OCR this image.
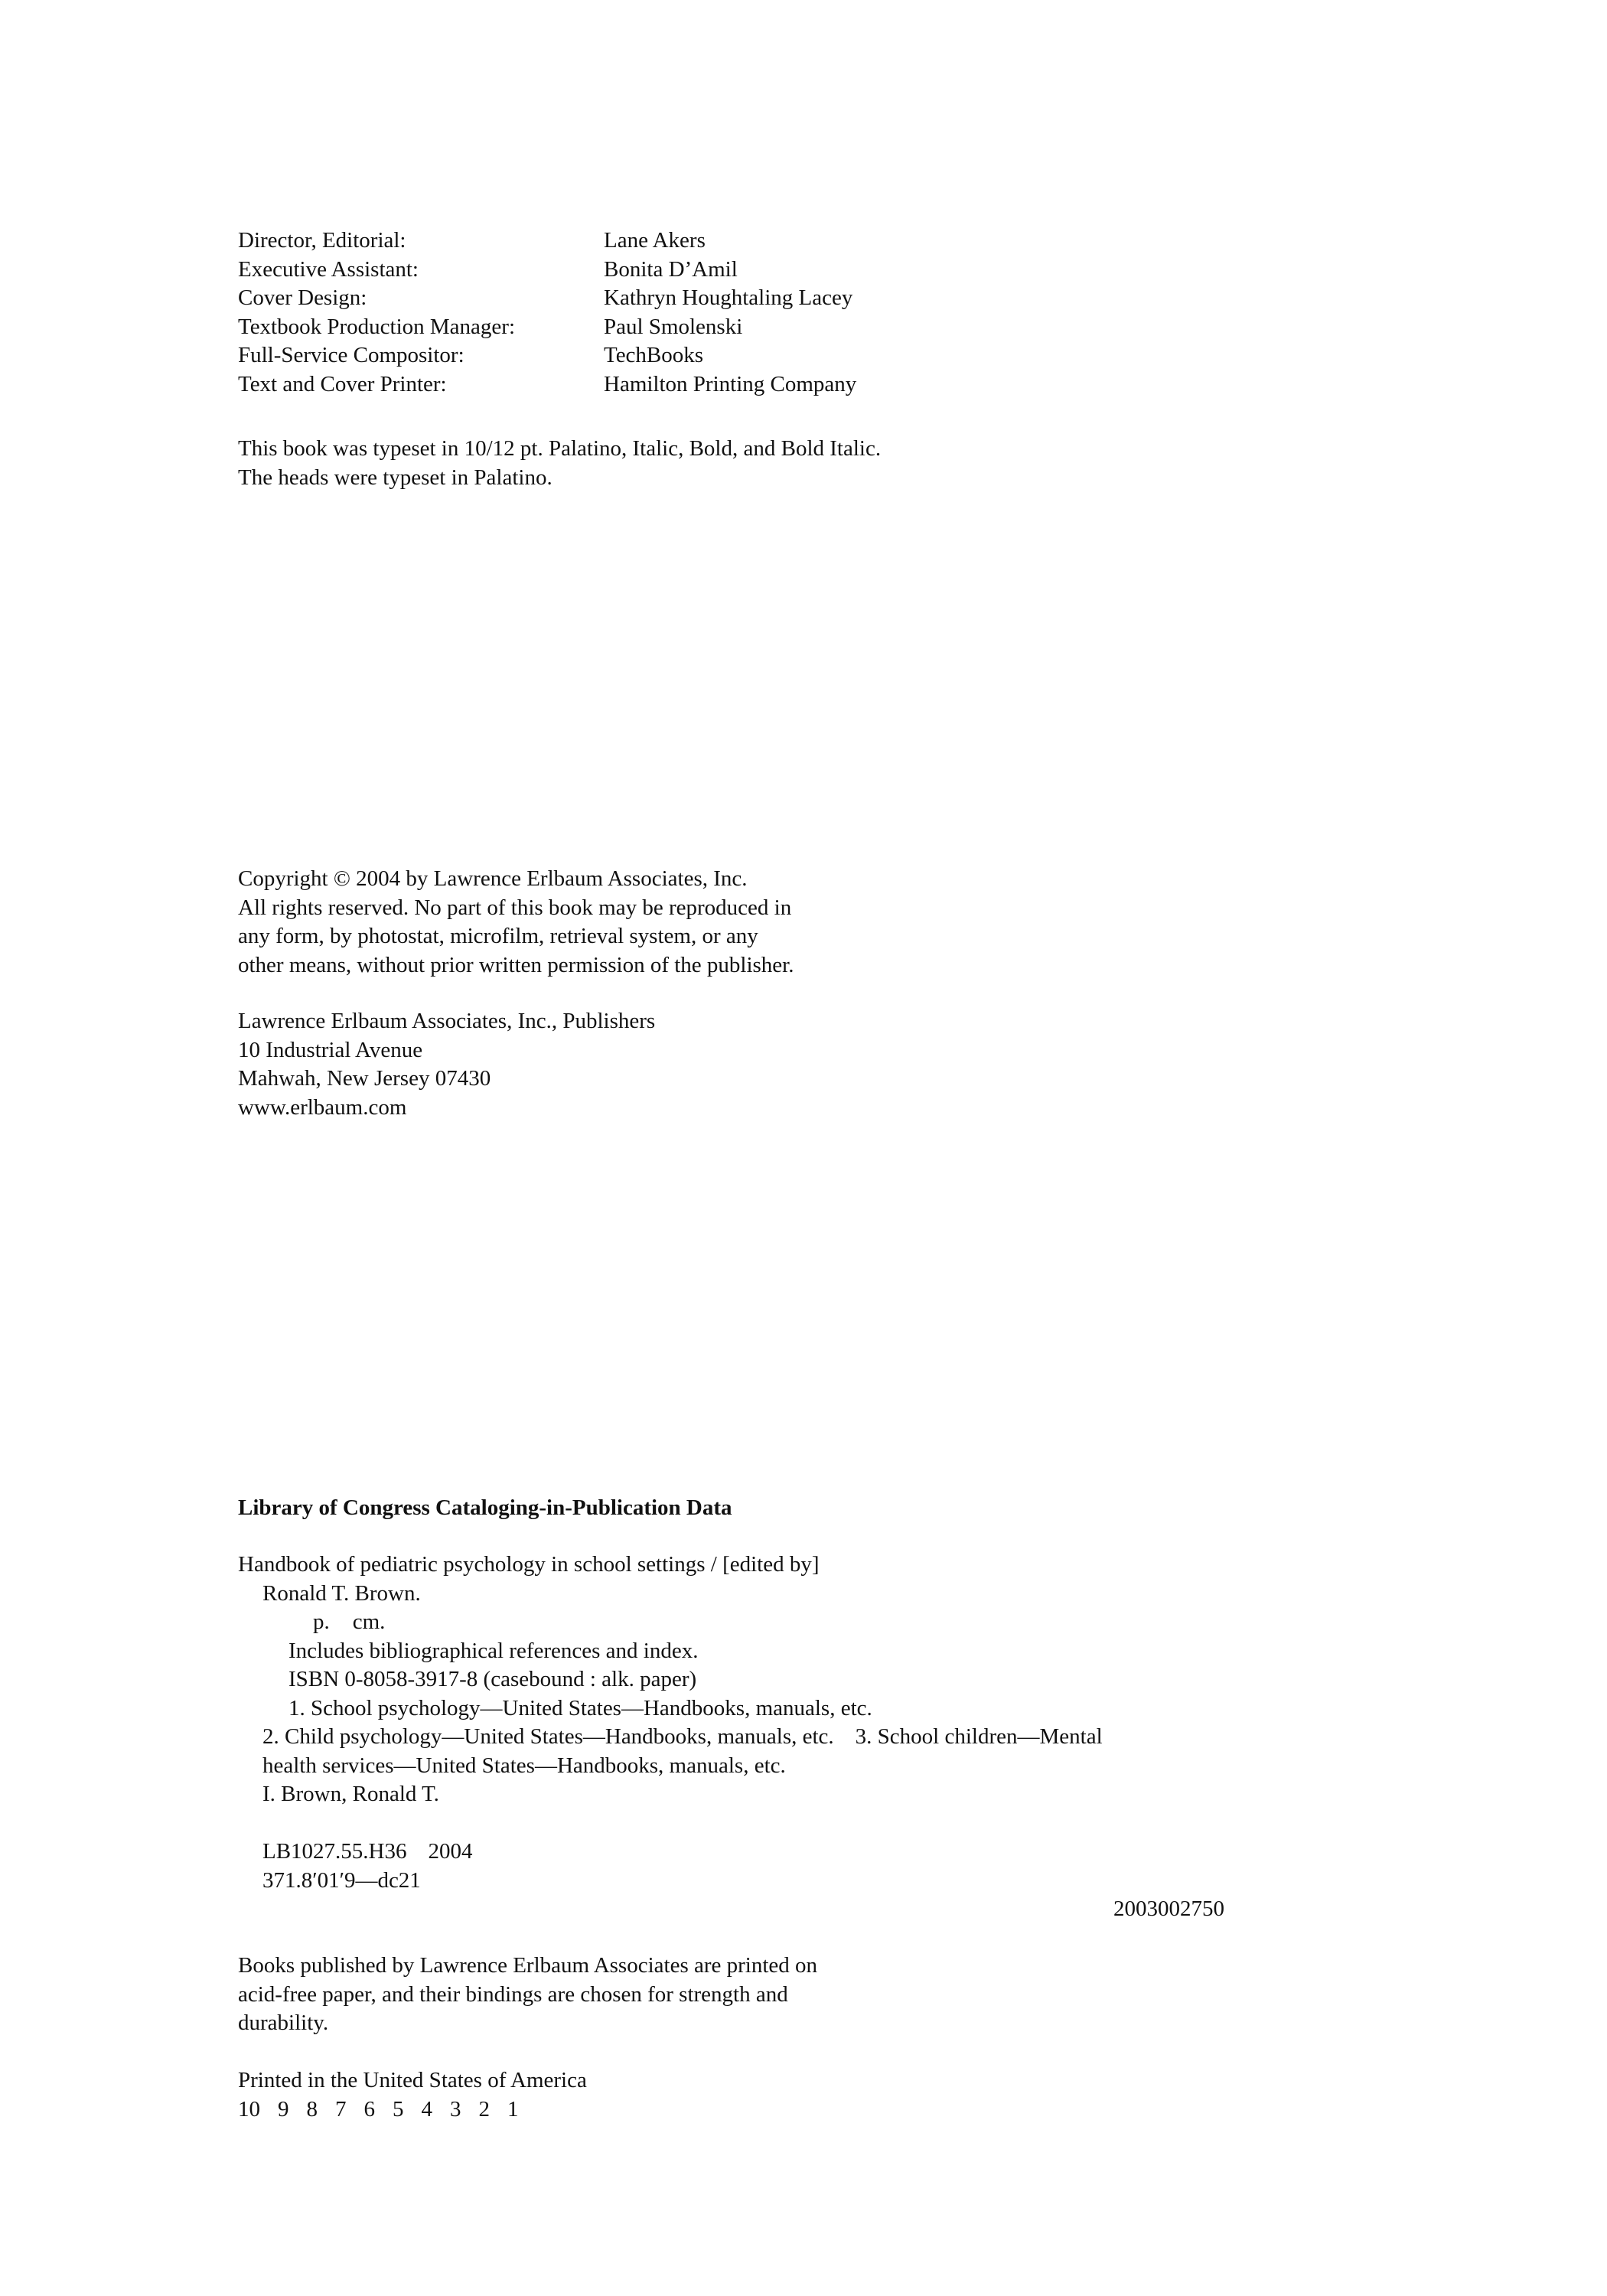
Director, Editorial:	Lane Akers
Executive Assistant:	Bonita D’Amil
Cover Design:	Kathryn Houghtaling Lacey
Textbook Production Manager:	Paul Smolenski
Full-Service Compositor:	TechBooks
Text and Cover Printer:	Hamilton Printing Company
This book was typeset in 10/12 pt. Palatino, Italic, Bold, and Bold Italic.
The heads were typeset in Palatino.
Copyright © 2004 by Lawrence Erlbaum Associates, Inc.
All rights reserved. No part of this book may be reproduced in
any form, by photostat, microfilm, retrieval system, or any
other means, without prior written permission of the publisher.
Lawrence Erlbaum Associates, Inc., Publishers
10 Industrial Avenue
Mahwah, New Jersey 07430
www.erlbaum.com
Library of Congress Cataloging-in-Publication Data
Handbook of pediatric psychology in school settings / [edited by]
Ronald T. Brown.
p. cm.
Includes bibliographical references and index.
ISBN 0-8058-3917-8 (casebound : alk. paper)
1. School psychology—United States—Handbooks, manuals, etc.
2. Child psychology—United States—Handbooks, manuals, etc. 3. School children—Mental
health services—United States—Handbooks, manuals, etc.
I. Brown, Ronald T.

LB1027.55.H36 2004
371.8′01′9—dc21
2003002750
Books published by Lawrence Erlbaum Associates are printed on
acid-free paper, and their bindings are chosen for strength and
durability.
Printed in the United States of America
10 9 8 7 6 5 4 3 2 1
